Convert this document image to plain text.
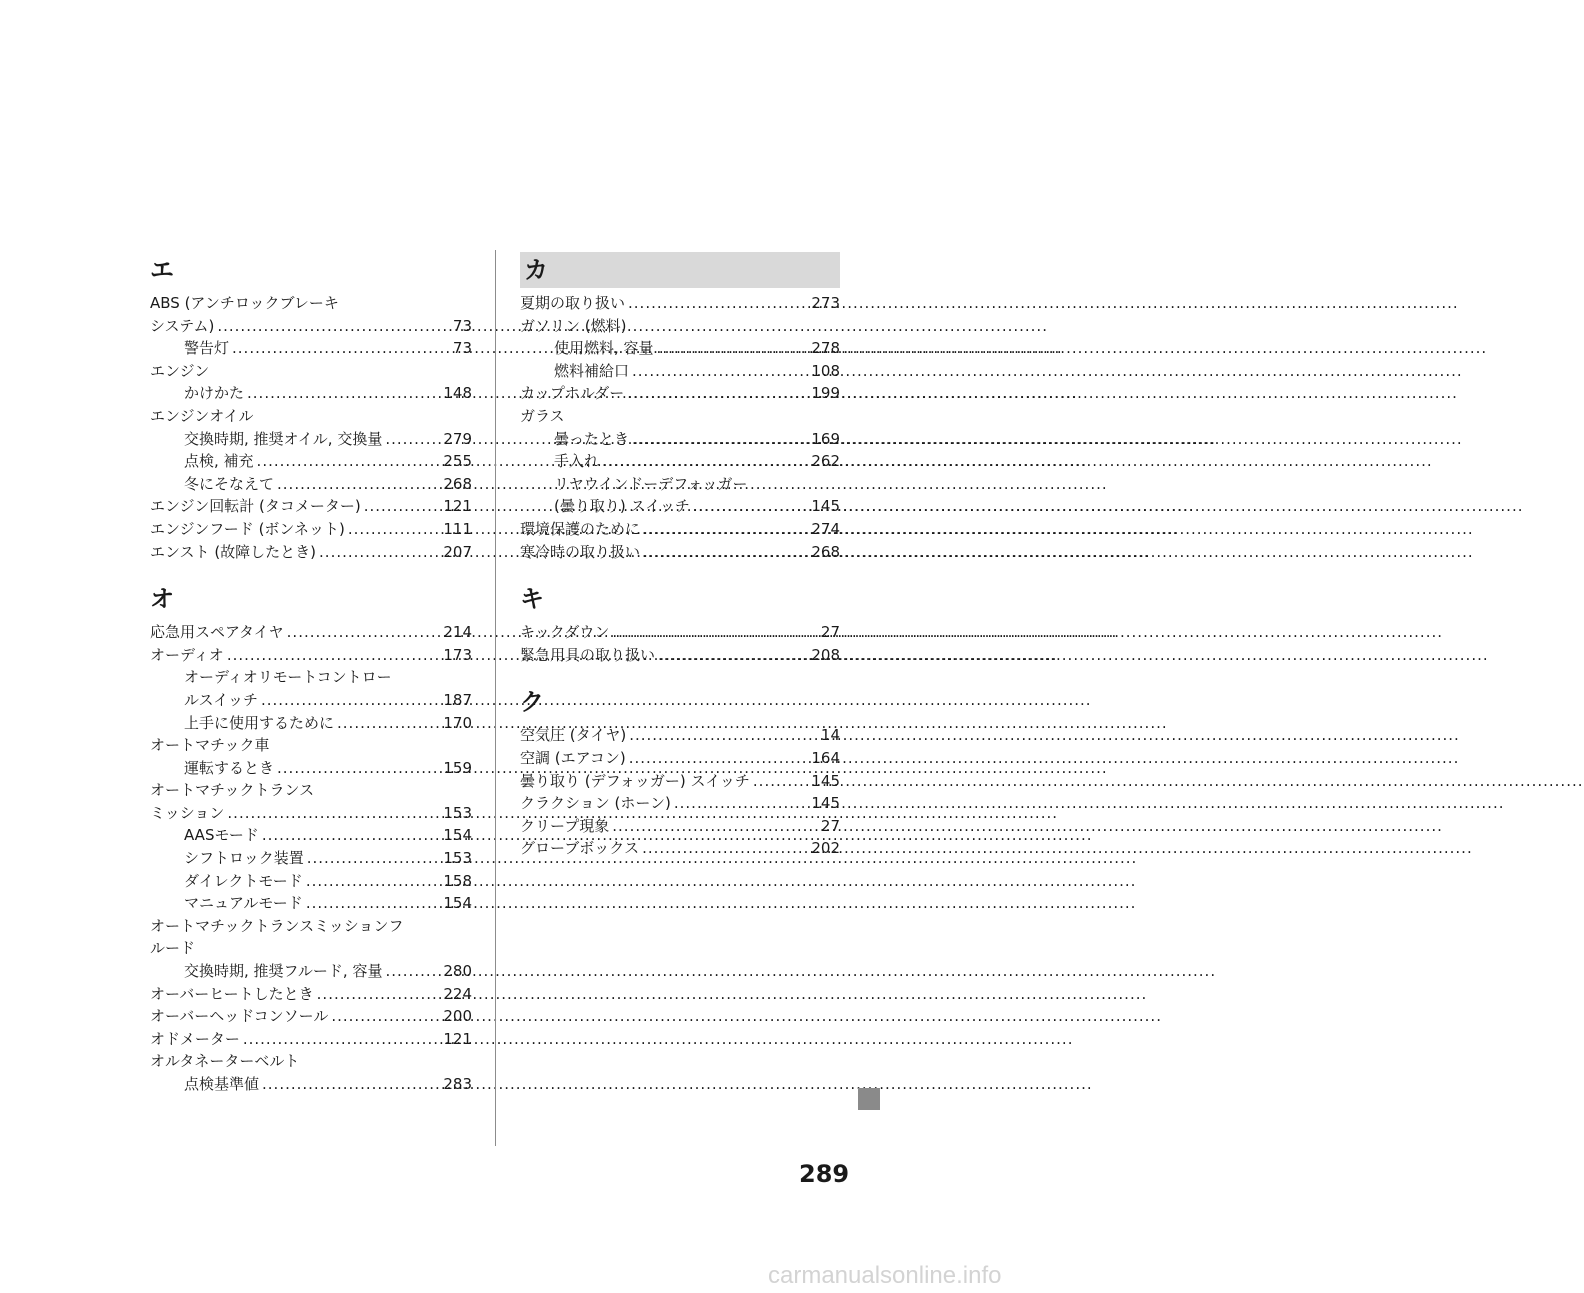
エ
ABS (アンチロックブレーキ
システム) .....	73
警告灯 .....	73
エンジン
かけかた .....	148
エンジンオイル
交換時期, 推奨オイル, 交換量 .....	279
点検, 補充 .....	255
冬にそなえて .....	268
エンジン回転計 (タコメーター) .....	121
エンジンフード (ボンネット) .....	111
エンスト (故障したとき) .....	207
オ
応急用スペアタイヤ .....	214
オーディオ .....	173
オーディオリモートコントロー
ルスイッチ .....	187
上手に使用するために .....	170
オートマチック車
運転するとき .....	159
オートマチックトランス
ミッション .....	153
AASモード .....	154
シフトロック装置 .....	153
ダイレクトモード .....	158
マニュアルモード .....	154
オートマチックトランスミッションフ
ルード
交換時期, 推奨フルード, 容量 .....	280
オーバーヒートしたとき .....	224
オーバーヘッドコンソール .....	200
オドメーター .....	121
オルタネーターベルト
点検基準値 .....	283
カ
夏期の取り扱い .....	273
ガソリン (燃料)
使用燃料, 容量 .....	278
燃料補給口 .....	108
カップホルダー .....	199
ガラス
曇ったとき .....	169
手入れ .....	262
リヤウインドーデフォッガー
(曇り取り) スイッチ .....	145
環境保護のために .....	274
寒冷時の取り扱い .....	268
キ
キックダウン .....	27
緊急用具の取り扱い .....	208
ク
空気圧 (タイヤ) .....	14
空調 (エアコン) .....	164
曇り取り (デフォッガー) スイッチ .....	145
クラクション (ホーン) .....	145
クリープ現象 .....	27
グローブボックス .....	202
289
carmanualsonline.info
